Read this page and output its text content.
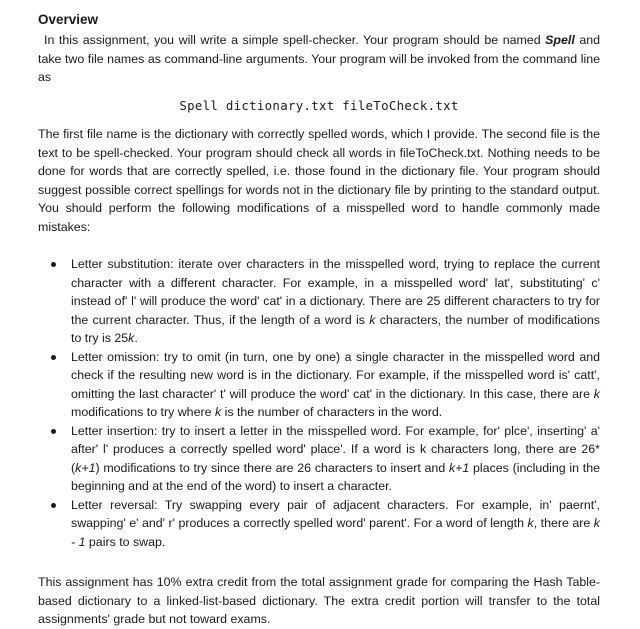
Overview

In this assignment, you will write a simple spell-checker. Your program should be named Spell and take two file names as command-line arguments. Your program will be invoked from the command line as

Spell dictionary.txt fileToCheck.txt

The first file name is the dictionary with correctly spelled words, which I provide. The second file is the text to be spell-checked. Your program should check all words in fileToCheck.txt. Nothing needs to be done for words that are correctly spelled, i.e. those found in the dictionary file. Your program should suggest possible correct spellings for words not in the dictionary file by printing to the standard output. You should perform the following modifications of a misspelled word to handle commonly made mistakes:

Letter substitution: iterate over characters in the misspelled word, trying to replace the current character with a different character. For example, in a misspelled word' lat', substituting' c' instead of' l' will produce the word' cat' in a dictionary. There are 25 different characters to try for the current character. Thus, if the length of a word is k characters, the number of modifications to try is 25k.
Letter omission: try to omit (in turn, one by one) a single character in the misspelled word and check if the resulting new word is in the dictionary. For example, if the misspelled word is' catt', omitting the last character' t' will produce the word' cat' in the dictionary. In this case, there are k modifications to try where k is the number of characters in the word.
Letter insertion: try to insert a letter in the misspelled word. For example, for' plce', inserting' a' after' l' produces a correctly spelled word' place'. If a word is k characters long, there are 26*(k+1) modifications to try since there are 26 characters to insert and k+1 places (including in the beginning and at the end of the word) to insert a character.
Letter reversal: Try swapping every pair of adjacent characters. For example, in' paernt', swapping' e' and' r' produces a correctly spelled word' parent'. For a word of length k, there are k - 1 pairs to swap.

This assignment has 10% extra credit from the total assignment grade for comparing the Hash Table-based dictionary to a linked-list-based dictionary. The extra credit portion will transfer to the total assignments' grade but not toward exams.
